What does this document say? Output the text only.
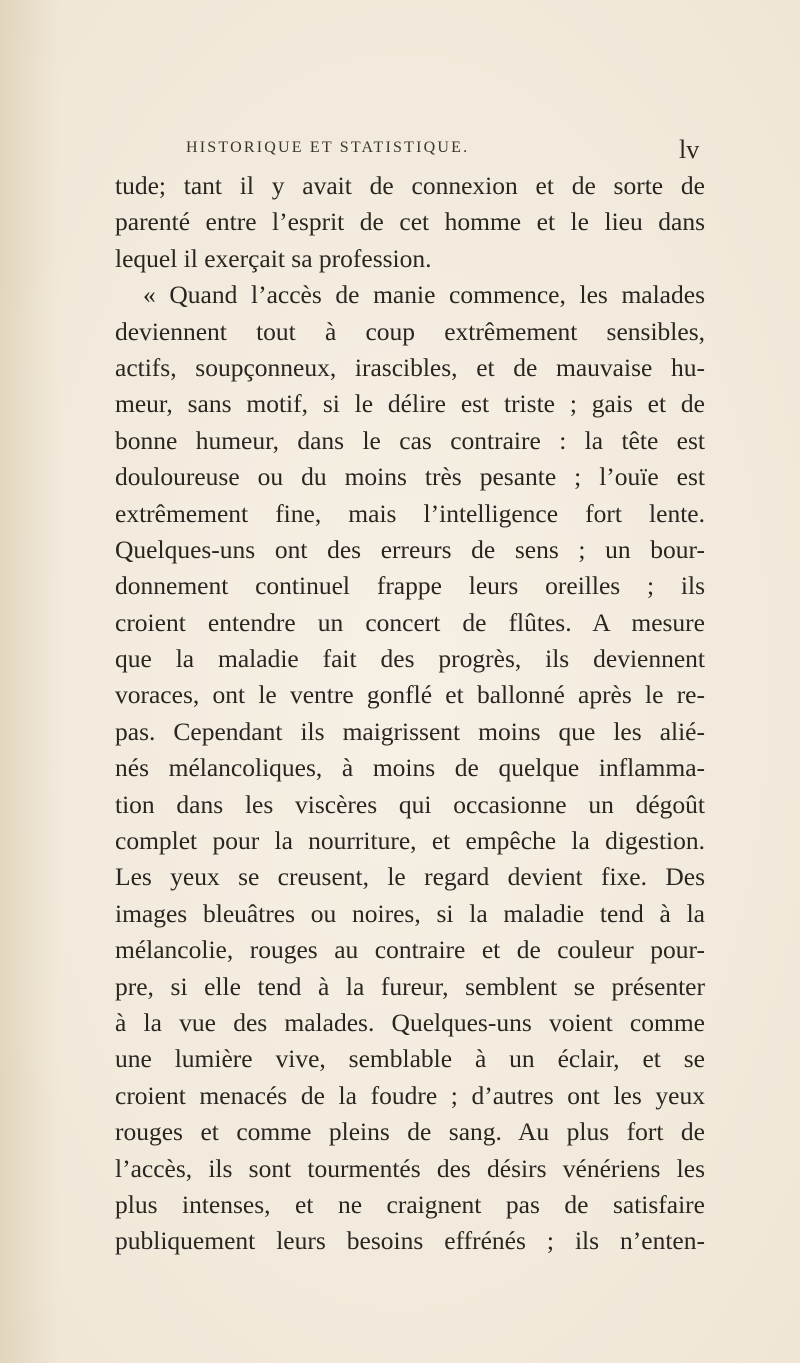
HISTORIQUE ET STATISTIQUE.	lv
tude; tant il y avait de connexion et de sorte de
parenté entre l’esprit de cet homme et le lieu dans
lequel il exerçait sa profession.
« Quand l’accès de manie commence, les malades
deviennent tout à coup extrêmement sensibles,
actifs, soupçonneux, irascibles, et de mauvaise hu-
meur, sans motif, si le délire est triste ; gais et de
bonne humeur, dans le cas contraire : la tête est
douloureuse ou du moins très pesante ; l’ouïe est
extrêmement fine, mais l’intelligence fort lente.
Quelques-uns ont des erreurs de sens ; un bour-
donnement continuel frappe leurs oreilles ; ils
croient entendre un concert de flûtes. A mesure
que la maladie fait des progrès, ils deviennent
voraces, ont le ventre gonflé et ballonné après le re-
pas. Cependant ils maigrissent moins que les alié-
nés mélancoliques, à moins de quelque inflamma-
tion dans les viscères qui occasionne un dégoût
complet pour la nourriture, et empêche la digestion.
Les yeux se creusent, le regard devient fixe. Des
images bleuâtres ou noires, si la maladie tend à la
mélancolie, rouges au contraire et de couleur pour-
pre, si elle tend à la fureur, semblent se présenter
à la vue des malades. Quelques-uns voient comme
une lumière vive, semblable à un éclair, et se
croient menacés de la foudre ; d’autres ont les yeux
rouges et comme pleins de sang. Au plus fort de
l’accès, ils sont tourmentés des désirs vénériens les
plus intenses, et ne craignent pas de satisfaire
publiquement leurs besoins effrénés ; ils n’enten-
